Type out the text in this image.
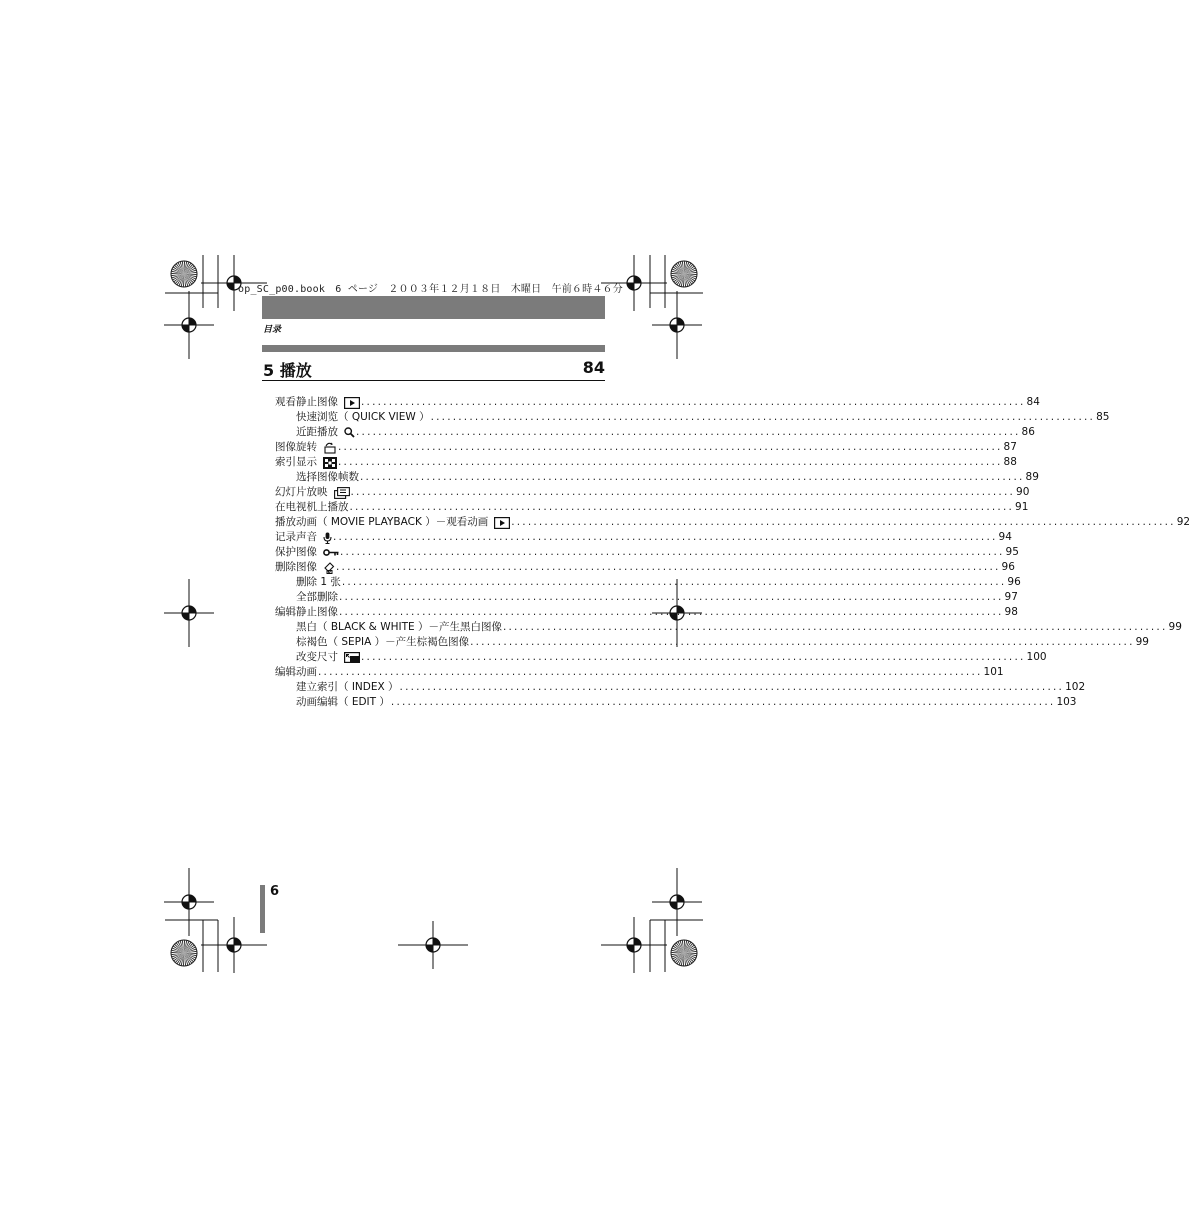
op_SC_p00.book　6 ページ　２００３年１２月１８日　木曜日　午前６時４６分
目录
5 播放	84
观看静止图像 ........................................................................................................................ 84
快速浏览（ QUICK VIEW ） ........................................................................................................................ 85
近距播放 ........................................................................................................................ 86
图像旋转 ........................................................................................................................ 87
索引显示 ........................................................................................................................ 88
选择图像帧数 ........................................................................................................................ 89
幻灯片放映 ........................................................................................................................ 90
在电视机上播放 ........................................................................................................................ 91
播放动画（ MOVIE PLAYBACK ）－观看动画 ........................................................................................................................ 92
记录声音 ........................................................................................................................ 94
保护图像 ........................................................................................................................ 95
删除图像 ........................................................................................................................ 96
删除 1 张 ........................................................................................................................ 96
全部删除 ........................................................................................................................ 97
编辑静止图像 ........................................................................................................................ 98
黑白（ BLACK & WHITE ）－产生黑白图像 ........................................................................................................................ 99
棕褐色（ SEPIA ）－产生棕褐色图像 ........................................................................................................................ 99
改变尺寸 ........................................................................................................................ 100
编辑动画 ........................................................................................................................ 101
建立索引（ INDEX ） ........................................................................................................................ 102
动画编辑（ EDIT ） ........................................................................................................................ 103
6
